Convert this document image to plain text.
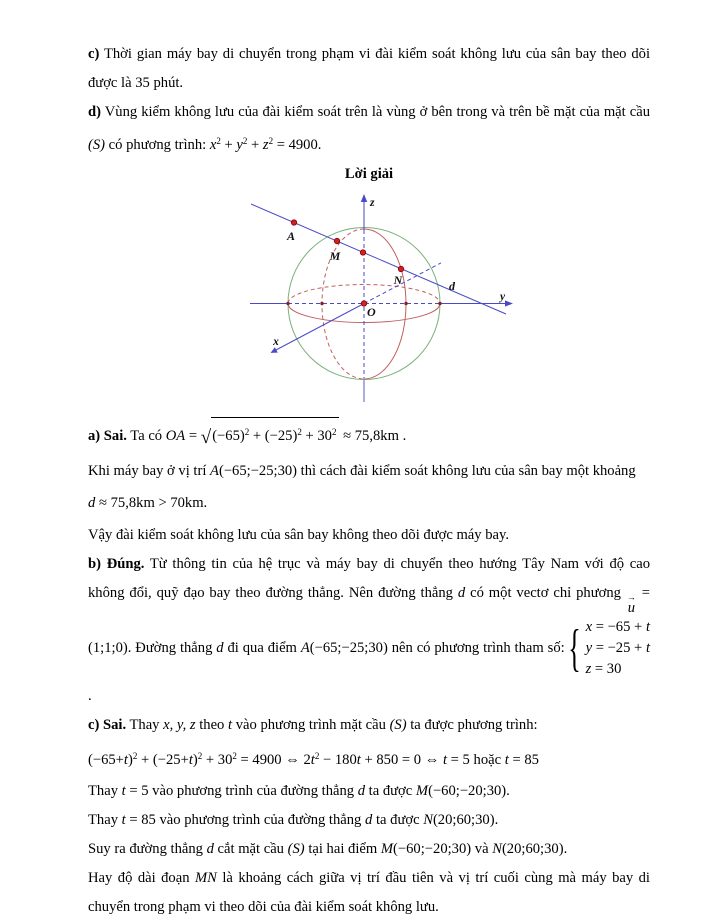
c) Thời gian máy bay di chuyển trong phạm vi đài kiểm soát không lưu của sân bay theo dõi được là 35 phút.

d) Vùng kiểm không lưu của đài kiểm soát trên là vùng ở bên trong và trên bề mặt của mặt cầu (S) có phương trình: $x^2 + y^2 + z^2 = 4900$.

Lời giải

z
y
x
O
A
M
N	d

a) Sai. Ta có OA = $√(-65)^2 + (-25)^2 + 30^2 \approx 75,8km$ .

Khi máy bay ở vị trí A(−65;−25;30) thì cách đài kiểm soát không lưu của sân bay một khoảng

d ≈ 75,8km > 70km.

Vậy đài kiểm soát không lưu của sân bay không theo dõi được máy bay.

b) Đúng. Từ thông tin của hệ trục và máy bay di chuyển theo hướng Tây Nam với độ cao không đổi, quỹ đạo bay theo đường thẳng. Nên đường thẳng d có một vectơ chỉ phương →
u
= (1;1;0). Đường thẳng d đi qua điểm A(−65;−25;30) nên có phương trình tham số: { x = −65 + t
y = −25 + t
z = 30
.

c) Sai. Thay x, y, z theo t vào phương trình mặt cầu (S) ta được phương trình:

$(-65+t)^2 + (-25+t)^2 + 30^2 = 4900$ ⇔ $2t^2 - 180t + 850 = 0$ ⇔ t = 5 hoặc t = 85

Thay t = 5 vào phương trình của đường thẳng d ta được M(−60;−20;30).

Thay t = 85 vào phương trình của đường thẳng d ta được N(20;60;30).

Suy ra đường thẳng d cắt mặt cầu (S) tại hai điểm M(−60;−20;30) và N(20;60;30).

Hay độ dài đoạn MN là khoảng cách giữa vị trí đầu tiên và vị trí cuối cùng mà máy bay di chuyển trong phạm vi theo dõi của đài kiểm soát không lưu.
